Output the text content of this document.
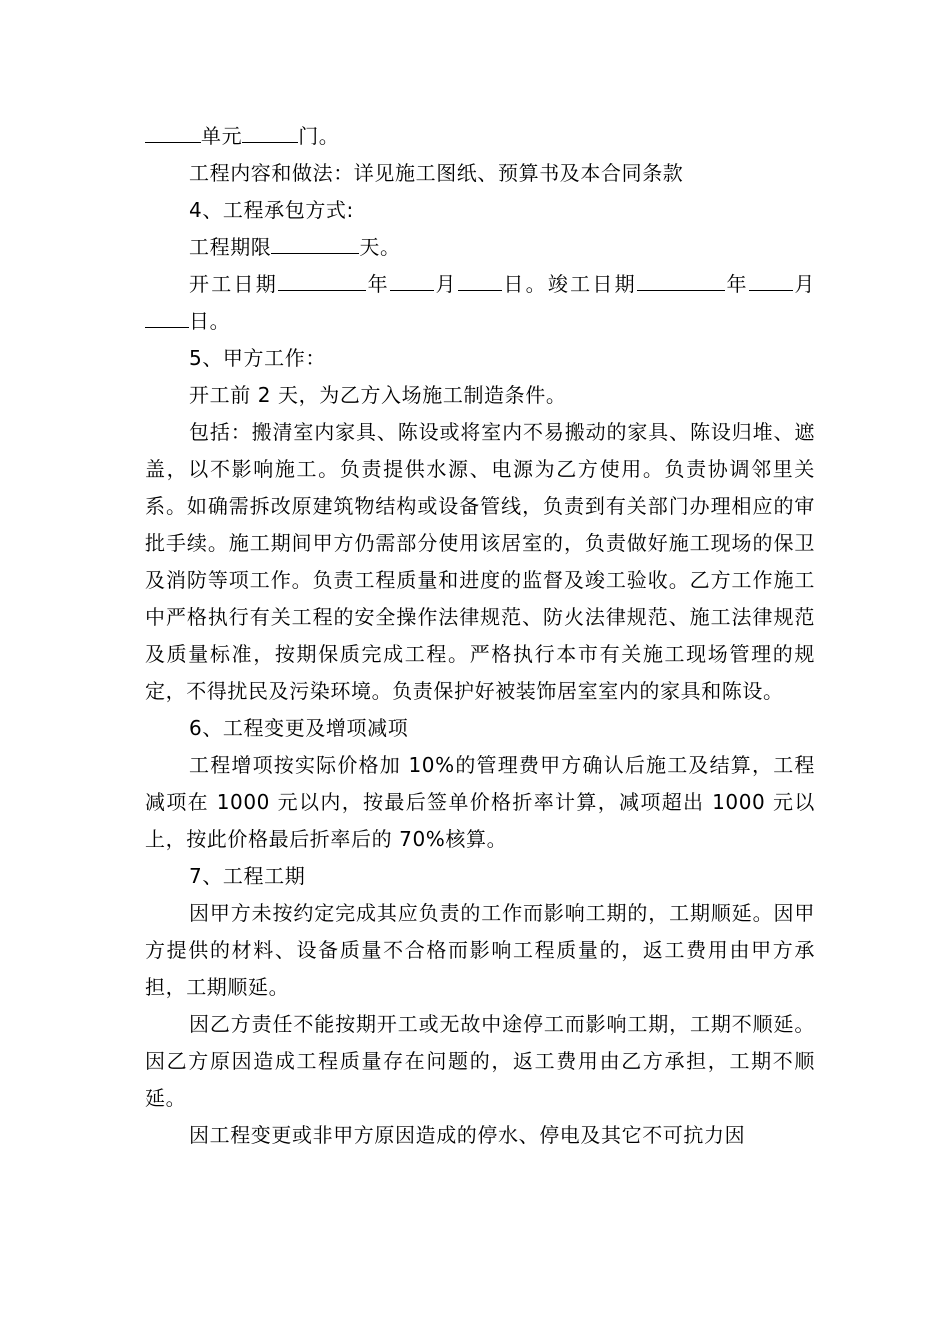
单元	门。

工程内容和做法：详见施工图纸、预算书及本合同条款

4、工程承包方式:

工程期限	天。

开工日期	年 月 日。竣工日期	年 月日。

5、甲方工作：

开工前 2 天，为乙方入场施工制造条件。

包括：搬清室内家具、陈设或将室内不易搬动的家具、陈设归堆、遮盖，以不影响施工。负责提供水源、电源为乙方使用。负责协调邻里关系。如确需拆改原建筑物结构或设备管线，负责到有关部门办理相应的审批手续。施工期间甲方仍需部分使用该居室的，负责做好施工现场的保卫及消防等项工作。负责工程质量和进度的监督及竣工验收。乙方工作施工中严格执行有关工程的安全操作法律规范、防火法律规范、施工法律规范及质量标准，按期保质完成工程。严格执行本市有关施工现场管理的规定，不得扰民及污染环境。负责保护好被装饰居室室内的家具和陈设。

6、工程变更及增项减项

工程增项按实际价格加 10%的管理费甲方确认后施工及结算，工程减项在 1000 元以内，按最后签单价格折率计算，减项超出 1000 元以上，按此价格最后折率后的 70%核算。

7、工程工期

因甲方未按约定完成其应负责的工作而影响工期的，工期顺延。因甲方提供的材料、设备质量不合格而影响工程质量的，返工费用由甲方承担，工期顺延。

因乙方责任不能按期开工或无故中途停工而影响工期，工期不顺延。因乙方原因造成工程质量存在问题的，返工费用由乙方承担，工期不顺延。

因工程变更或非甲方原因造成的停水、停电及其它不可抗力因
